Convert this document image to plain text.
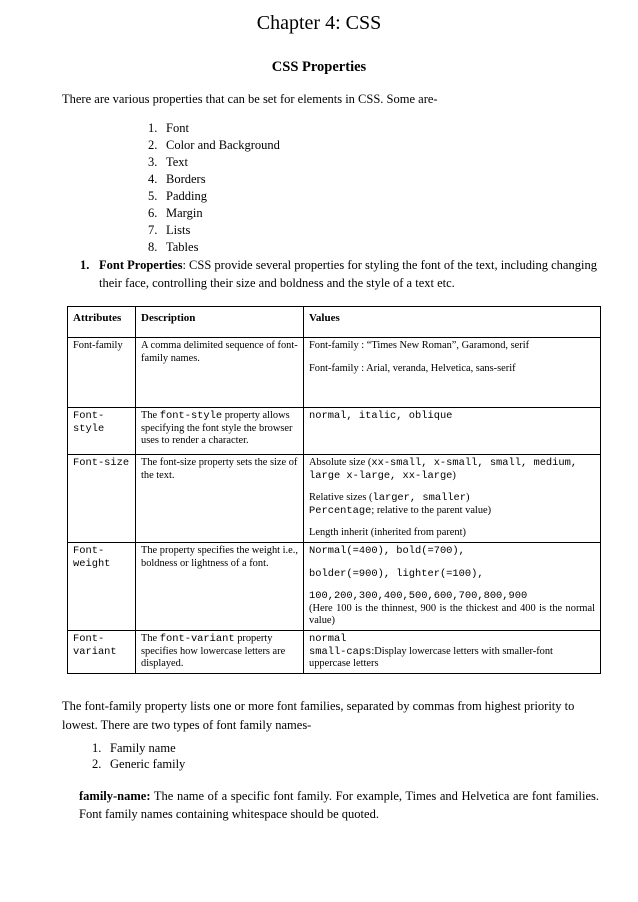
Chapter 4: CSS
CSS Properties
There are various properties that can be set for elements in CSS. Some are-
1. Font
2. Color and Background
3. Text
4. Borders
5. Padding
6. Margin
7. Lists
8. Tables
1. Font Properties: CSS provide several properties for styling the font of the text, including changing their face, controlling their size and boldness and the style of a text etc.
Attributes	Description	Values
Font-family	A comma delimited sequence of font-family names.	Font-family : “Times New Roman”, Garamond, serif
Font-family : Arial, veranda, Helvetica, sans-serif

Font-style	The font-style property allows specifying the font style the browser uses to render a character.	normal, italic, oblique
Font-size	The font-size property sets the size of the text.	Absolute size (xx-small, x-small, small, medium, large x-large, xx-large)
Relative sizes (larger, smaller)
Percentage; relative to the parent value)
Length inherit (inherited from parent)

Font-weight	The property specifies the weight i.e., boldness or lightness of a font.	Normal(=400), bold(=700),
bolder(=900), lighter(=100),
100,200,300,400,500,600,700,800,900
(Here 100 is the thinnest, 900 is the thickest and 400 is the normal value)

Font-variant	The font-variant property specifies how lowercase letters are displayed.	normal
small-caps:Display lowercase letters with smaller-font uppercase letters
The font-family property lists one or more font families, separated by commas from highest priority to lowest. There are two types of font family names-
1. Family name
2. Generic family
family-name: The name of a specific font family. For example, Times and Helvetica are font families. Font family names containing whitespace should be quoted.
